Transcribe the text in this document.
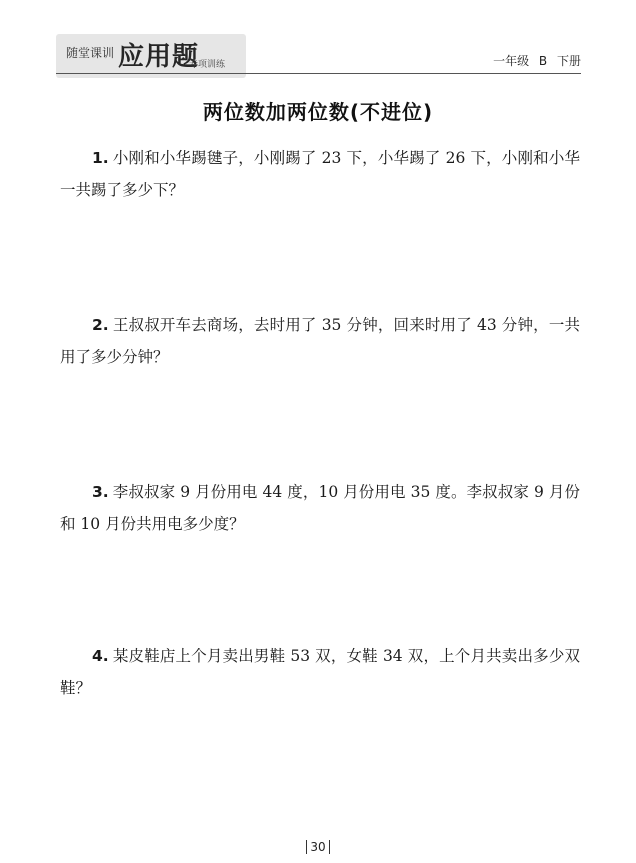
随堂课训 应用题
专项训练	一年级 B 下册
两位数加两位数(不进位)
1. 小刚和小华踢毽子，小刚踢了 23 下，小华踢了 26 下，小刚和小华一共踢了多少下？
2. 王叔叔开车去商场，去时用了 35 分钟，回来时用了 43 分钟，一共用了多少分钟？
3. 李叔叔家 9 月份用电 44 度，10 月份用电 35 度。李叔叔家 9 月份和 10 月份共用电多少度？
4. 某皮鞋店上个月卖出男鞋 53 双，女鞋 34 双，上个月共卖出多少双鞋？
30
